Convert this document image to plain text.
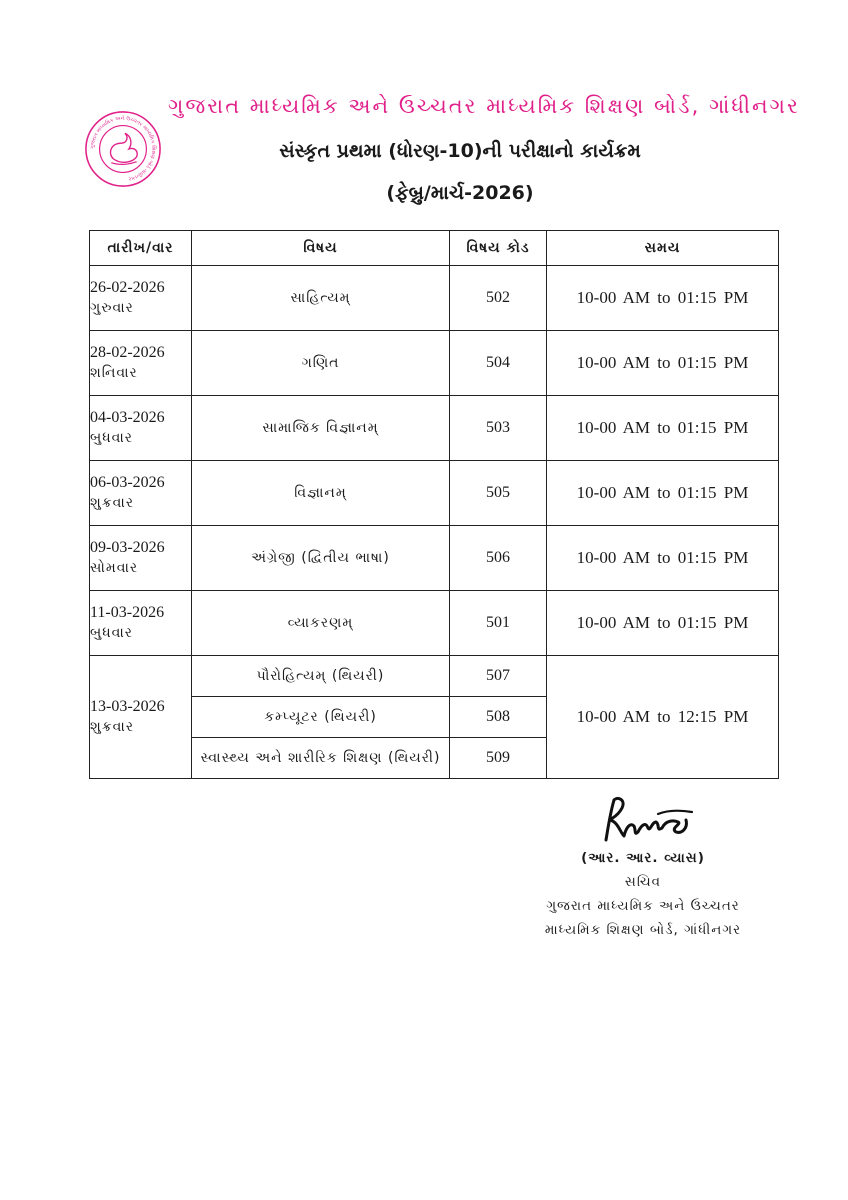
ગુજરાત માધ્યમિક અને ઉચ્ચતર માધ્યમિક શિક્ષણ બોર્ડ ગાંધીનગર
ગુજરાત માધ્યમિક અને ઉચ્ચતર માધ્યમિક શિક્ષણ બોર્ડ, ગાંધીનગર
સંસ્કૃત પ્રથમા (ધોરણ-10)ની પરીક્ષાનો કાર્યક્રમ
(ફેબ્રુ/માર્ચ-2026)
તારીખ/વાર	વિષય	વિષય કોડ	સમય

26-02-2026
ગુરુવાર	સાહિત્યમ્	502	10-00 AM to 01:15 PM

28-02-2026
શનિવાર	ગણિત	504	10-00 AM to 01:15 PM

04-03-2026
બુધવાર	સામાજિક વિજ્ઞાનમ્	503	10-00 AM to 01:15 PM

06-03-2026
શુક્રવાર	વિજ્ઞાનમ્	505	10-00 AM to 01:15 PM

09-03-2026
સોમવાર	અંગ્રેજી (દ્વિતીય ભાષા)	506	10-00 AM to 01:15 PM

11-03-2026
બુધવાર	વ્યાકરણમ્	501	10-00 AM to 01:15 PM

13-03-2026
શુક્રવાર	પૌરોહિત્યમ્ (થિયરી)	507	10-00 AM to 12:15 PM
	કમ્પ્યૂટર (થિયરી)	508	
	સ્વાસ્થ્ય અને શારીરિક શિક્ષણ (થિયરી)	509	
(આર. આર. વ્યાસ)
સચિવ
ગુજરાત માધ્યમિક અને ઉચ્ચતર
માધ્યમિક શિક્ષણ બોર્ડ, ગાંધીનગર
